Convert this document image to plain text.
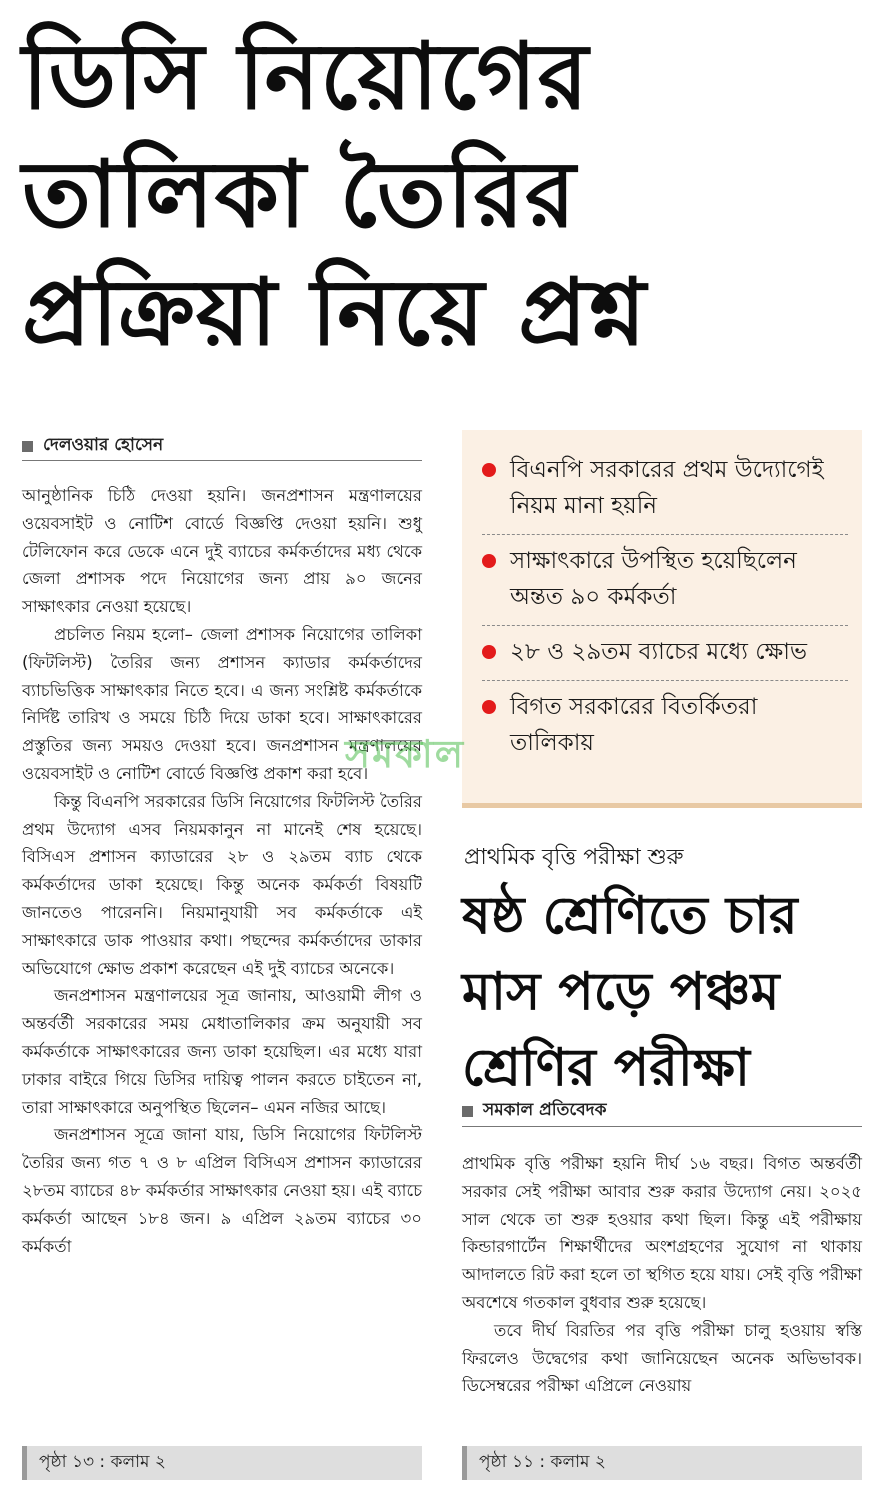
ডিসি নিয়োগের
তালিকা তৈরির
প্রক্রিয়া নিয়ে প্রশ্ন
দেলওয়ার হোসেন

আনুষ্ঠানিক চিঠি দেওয়া হয়নি। জনপ্রশাসন মন্ত্রণালয়ের ওয়েবসাইট ও নোটিশ বোর্ডে বিজ্ঞপ্তি দেওয়া হয়নি। শুধু টেলিফোন করে ডেকে এনে দুই ব্যাচের কর্মকর্তাদের মধ্য থেকে জেলা প্রশাসক পদে নিয়োগের জন্য প্রায় ৯০ জনের সাক্ষাৎকার নেওয়া হয়েছে।

প্রচলিত নিয়ম হলো– জেলা প্রশাসক নিয়োগের তালিকা (ফিটলিস্ট) তৈরির জন্য প্রশাসন ক্যাডার কর্মকর্তাদের ব্যাচভিত্তিক সাক্ষাৎকার নিতে হবে। এ জন্য সংশ্লিষ্ট কর্মকর্তাকে নির্দিষ্ট তারিখ ও সময়ে চিঠি দিয়ে ডাকা হবে। সাক্ষাৎকারের প্রস্তুতির জন্য সময়ও দেওয়া হবে। জনপ্রশাসন মন্ত্রণালয়ের ওয়েবসাইট ও নোটিশ বোর্ডে বিজ্ঞপ্তি প্রকাশ করা হবে।

কিন্তু বিএনপি সরকারের ডিসি নিয়োগের ফিটলিস্ট তৈরির প্রথম উদ্যোগ এসব নিয়মকানুন না মানেই শেষ হয়েছে। বিসিএস প্রশাসন ক্যাডারের ২৮ ও ২৯তম ব্যাচ থেকে কর্মকর্তাদের ডাকা হয়েছে। কিন্তু অনেক কর্মকর্তা বিষয়টি জানতেও পারেননি। নিয়মানুযায়ী সব কর্মকর্তাকে এই সাক্ষাৎকারে ডাক পাওয়ার কথা। পছন্দের কর্মকর্তাদের ডাকার অভিযোগে ক্ষোভ প্রকাশ করেছেন এই দুই ব্যাচের অনেকে।

জনপ্রশাসন মন্ত্রণালয়ের সূত্র জানায়, আওয়ামী লীগ ও অন্তর্বর্তী সরকারের সময় মেধাতালিকার ক্রম অনুযায়ী সব কর্মকর্তাকে সাক্ষাৎকারের জন্য ডাকা হয়েছিল। এর মধ্যে যারা ঢাকার বাইরে গিয়ে ডিসির দায়িত্ব পালন করতে চাইতেন না, তারা সাক্ষাৎকারে অনুপস্থিত ছিলেন– এমন নজির আছে।

জনপ্রশাসন সূত্রে জানা যায়, ডিসি নিয়োগের ফিটলিস্ট তৈরির জন্য গত ৭ ও ৮ এপ্রিল বিসিএস প্রশাসন ক্যাডারের ২৮তম ব্যাচের ৪৮ কর্মকর্তার সাক্ষাৎকার নেওয়া হয়। এই ব্যাচে কর্মকর্তা আছেন ১৮৪ জন। ৯ এপ্রিল ২৯তম ব্যাচের ৩০ কর্মকর্তা

পৃষ্ঠা ১৩ : কলাম ২
বিএনপি সরকারের প্রথম উদ্যোগেই নিয়ম মানা হয়নি
সাক্ষাৎকারে উপস্থিত হয়েছিলেন অন্তত ৯০ কর্মকর্তা
২৮ ও ২৯তম ব্যাচের মধ্যে ক্ষোভ
বিগত সরকারের বিতর্কিতরা তালিকায়
সমকাল
প্রাথমিক বৃত্তি পরীক্ষা শুরু
ষষ্ঠ শ্রেণিতে চার
মাস পড়ে পঞ্চম
শ্রেণির পরীক্ষা
সমকাল প্রতিবেদক

প্রাথমিক বৃত্তি পরীক্ষা হয়নি দীর্ঘ ১৬ বছর। বিগত অন্তর্বর্তী সরকার সেই পরীক্ষা আবার শুরু করার উদ্যোগ নেয়। ২০২৫ সাল থেকে তা শুরু হওয়ার কথা ছিল। কিন্তু এই পরীক্ষায় কিন্ডারগার্টেন শিক্ষার্থীদের অংশগ্রহণের সুযোগ না থাকায় আদালতে রিট করা হলে তা স্থগিত হয়ে যায়। সেই বৃত্তি পরীক্ষা অবশেষে গতকাল বুধবার শুরু হয়েছে।

তবে দীর্ঘ বিরতির পর বৃত্তি পরীক্ষা চালু হওয়ায় স্বস্তি ফিরলেও উদ্বেগের কথা জানিয়েছেন অনেক অভিভাবক। ডিসেম্বরের পরীক্ষা এপ্রিলে নেওয়ায়

পৃষ্ঠা ১১ : কলাম ২
